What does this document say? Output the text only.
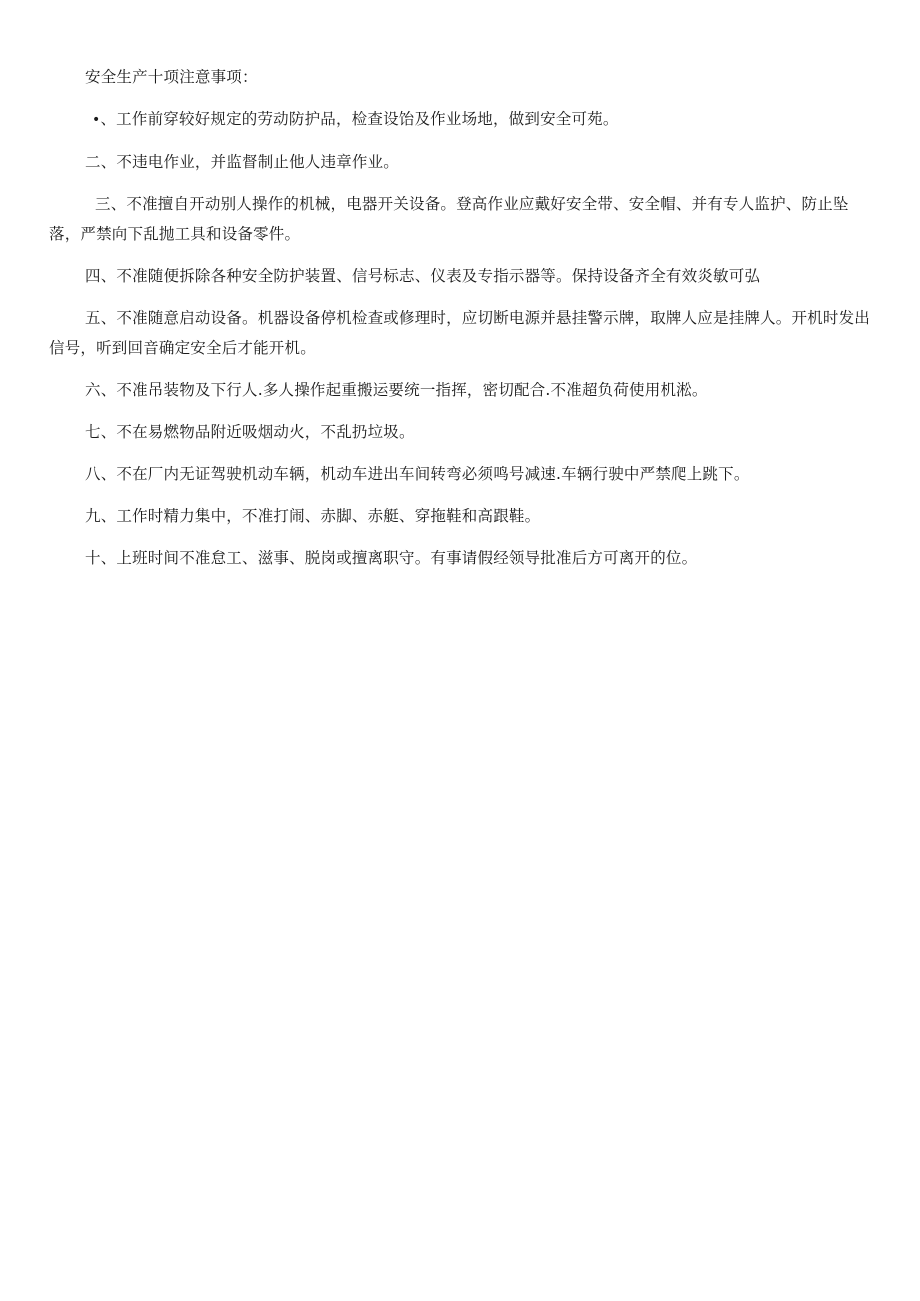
安全生产十项注意事项：

•、工作前穿较好规定的劳动防护品，检查设饴及作业场地，做到安全可苑。

二、不违电作业，并监督制止他人违章作业。

三、不准擅自开动别人操作的机械，电器开关设备。登高作业应戴好安全带、安全帽、并有专人监护、防止坠落，严禁向下乱抛工具和设备零件。

四、不准随便拆除各种安全防护装置、信号标志、仪表及专指示器等。保持设备齐全有效炎敏可弘

五、不准随意启动设备。机器设备停机检查或修理时，应切断电源并悬挂警示牌，取牌人应是挂牌人。开机时发出信号，听到回音确定安全后才能开机。

六、不准吊装物及下行人.多人操作起重搬运要统一指挥，密切配合.不准超负荷使用机淞。

七、不在易燃物品附近吸烟动火，不乱扔垃圾。

八、不在厂内无证驾驶机动车辆，机动车进出车间转弯必须鸣号减速.车辆行驶中严禁爬上跳下。

九、工作时精力集中，不准打闹、赤脚、赤艇、穿拖鞋和高跟鞋。

十、上班时间不准怠工、滋事、脱岗或擅离职守。有事请假经领导批准后方可离开的位。
